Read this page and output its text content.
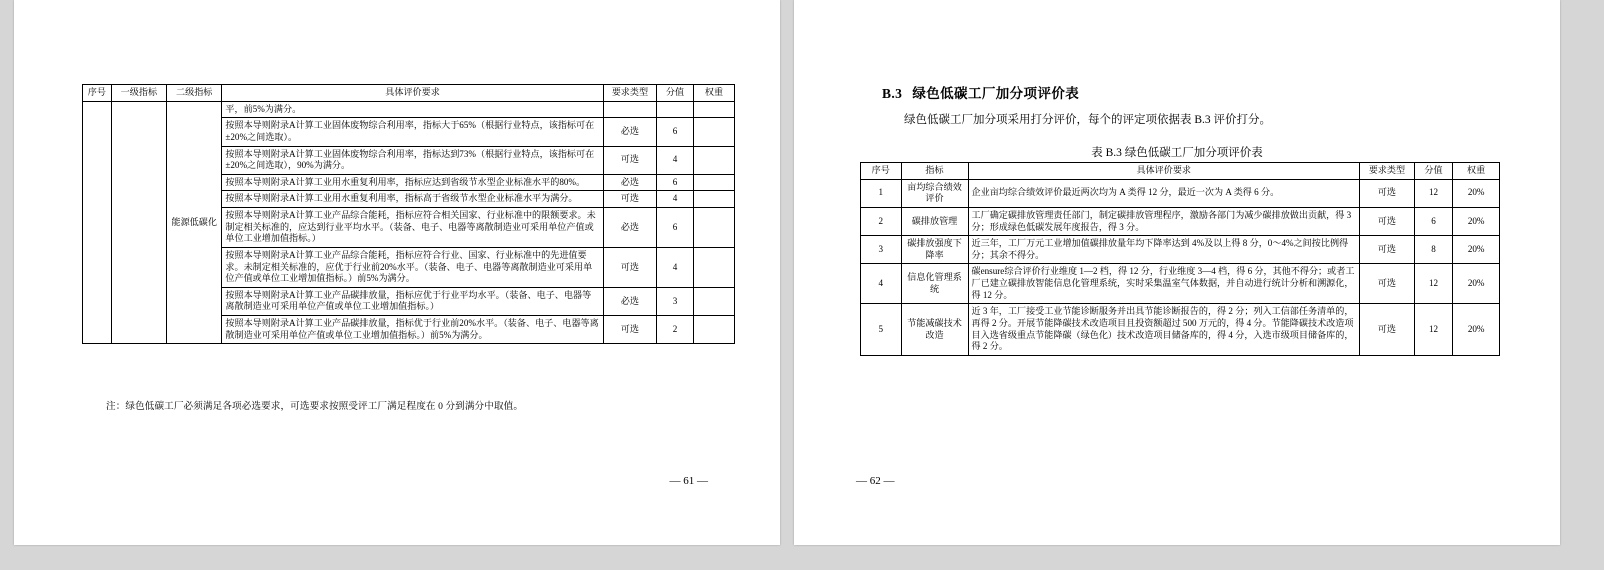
序号	一级指标	二级指标	具体评价要求	要求类型	分值	权重
		能源低碳化	平，前5%为满分。			
			按照本导则附录A计算工业固体废物综合利用率，指标大于65%（根据行业特点，该指标可在±20%之间选取）。	必选	6	
			按照本导则附录A计算工业固体废物综合利用率，指标达到73%（根据行业特点，该指标可在±20%之间选取），90%为满分。	可选	4	
			按照本导则附录A计算工业用水重复利用率，指标应达到省级节水型企业标准水平的80%。	必选	6	
			按照本导则附录A计算工业用水重复利用率，指标高于省级节水型企业标准水平为满分。	可选	4	
			按照本导则附录A计算工业产品综合能耗，指标应符合相关国家、行业标准中的限额要求。未制定相关标准的，应达到行业平均水平。（装备、电子、电器等离散制造业可采用单位产值或单位工业增加值指标。）	必选	6	
			按照本导则附录A计算工业产品综合能耗，指标应符合行业、国家、行业标准中的先进值要求。未制定相关标准的，应优于行业前20%水平。（装备、电子、电器等离散制造业可采用单位产值或单位工业增加值指标。）前5%为满分。	可选	4	
			按照本导则附录A计算工业产品碳排放量，指标应优于行业平均水平。（装备、电子、电器等离散制造业可采用单位产值或单位工业增加值指标。）	必选	3	
			按照本导则附录A计算工业产品碳排放量，指标优于行业前20%水平。（装备、电子、电器等离散制造业可采用单位产值或单位工业增加值指标。）前5%为满分。	可选	2	
注：绿色低碳工厂必须满足各项必选要求，可选要求按照受评工厂满足程度在 0 分到满分中取值。
— 61 —
B.3 绿色低碳工厂加分项评价表
绿色低碳工厂加分项采用打分评价，每个的评定项依据表 B.3 评价打分。
表 B.3 绿色低碳工厂加分项评价表
序号	指标	具体评价要求	要求类型	分值	权重
1	亩均综合绩效评价	企业亩均综合绩效评价最近两次均为 A 类得 12 分，最近一次为 A 类得 6 分。	可选	12	20%
2	碳排放管理	工厂确定碳排放管理责任部门，制定碳排放管理程序，激励各部门为减少碳排放做出贡献，得 3 分；形成绿色低碳发展年度报告，得 3 分。	可选	6	20%
3	碳排放强度下降率	近三年，工厂万元工业增加值碳排放量年均下降率达到 4%及以上得 8 分，0～4%之间按比例得分；其余不得分。	可选	8	20%
4	信息化管理系统	碳ensure综合评价行业维度 1—2 档，得 12 分，行业维度 3—4 档，得 6 分，其他不得分；或者工厂已建立碳排放智能信息化管理系统，实时采集温室气体数据，并自动进行统计分析和溯源化，得 12 分。	可选	12	20%
5	节能减碳技术改造	近 3 年，工厂接受工业节能诊断服务并出具节能诊断报告的，得 2 分；列入工信部任务清单的，再得 2 分。开展节能降碳技术改造项目且投资额超过 500 万元的，得 4 分。节能降碳技术改造项目入选省级重点节能降碳（绿色化）技术改造项目储备库的，得 4 分，入选市级项目储备库的，得 2 分。	可选	12	20%
— 62 —
